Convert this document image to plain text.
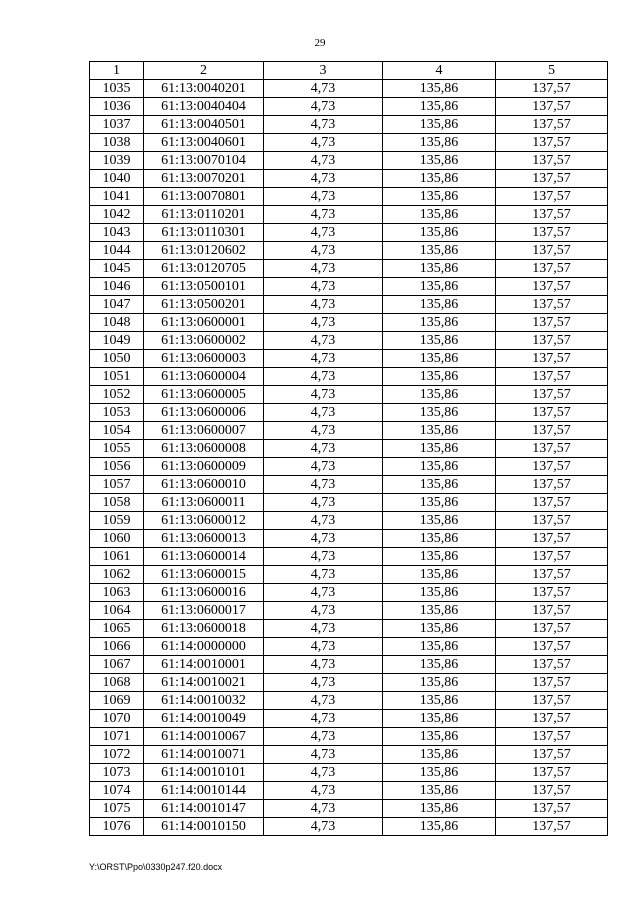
29
1	2	3	4	5
1035	61:13:0040201	4,73	135,86	137,57
1036	61:13:0040404	4,73	135,86	137,57
1037	61:13:0040501	4,73	135,86	137,57
1038	61:13:0040601	4,73	135,86	137,57
1039	61:13:0070104	4,73	135,86	137,57
1040	61:13:0070201	4,73	135,86	137,57
1041	61:13:0070801	4,73	135,86	137,57
1042	61:13:0110201	4,73	135,86	137,57
1043	61:13:0110301	4,73	135,86	137,57
1044	61:13:0120602	4,73	135,86	137,57
1045	61:13:0120705	4,73	135,86	137,57
1046	61:13:0500101	4,73	135,86	137,57
1047	61:13:0500201	4,73	135,86	137,57
1048	61:13:0600001	4,73	135,86	137,57
1049	61:13:0600002	4,73	135,86	137,57
1050	61:13:0600003	4,73	135,86	137,57
1051	61:13:0600004	4,73	135,86	137,57
1052	61:13:0600005	4,73	135,86	137,57
1053	61:13:0600006	4,73	135,86	137,57
1054	61:13:0600007	4,73	135,86	137,57
1055	61:13:0600008	4,73	135,86	137,57
1056	61:13:0600009	4,73	135,86	137,57
1057	61:13:0600010	4,73	135,86	137,57
1058	61:13:0600011	4,73	135,86	137,57
1059	61:13:0600012	4,73	135,86	137,57
1060	61:13:0600013	4,73	135,86	137,57
1061	61:13:0600014	4,73	135,86	137,57
1062	61:13:0600015	4,73	135,86	137,57
1063	61:13:0600016	4,73	135,86	137,57
1064	61:13:0600017	4,73	135,86	137,57
1065	61:13:0600018	4,73	135,86	137,57
1066	61:14:0000000	4,73	135,86	137,57
1067	61:14:0010001	4,73	135,86	137,57
1068	61:14:0010021	4,73	135,86	137,57
1069	61:14:0010032	4,73	135,86	137,57
1070	61:14:0010049	4,73	135,86	137,57
1071	61:14:0010067	4,73	135,86	137,57
1072	61:14:0010071	4,73	135,86	137,57
1073	61:14:0010101	4,73	135,86	137,57
1074	61:14:0010144	4,73	135,86	137,57
1075	61:14:0010147	4,73	135,86	137,57
1076	61:14:0010150	4,73	135,86	137,57
Y:\ORST\Ppo\0330p247.f20.docx
